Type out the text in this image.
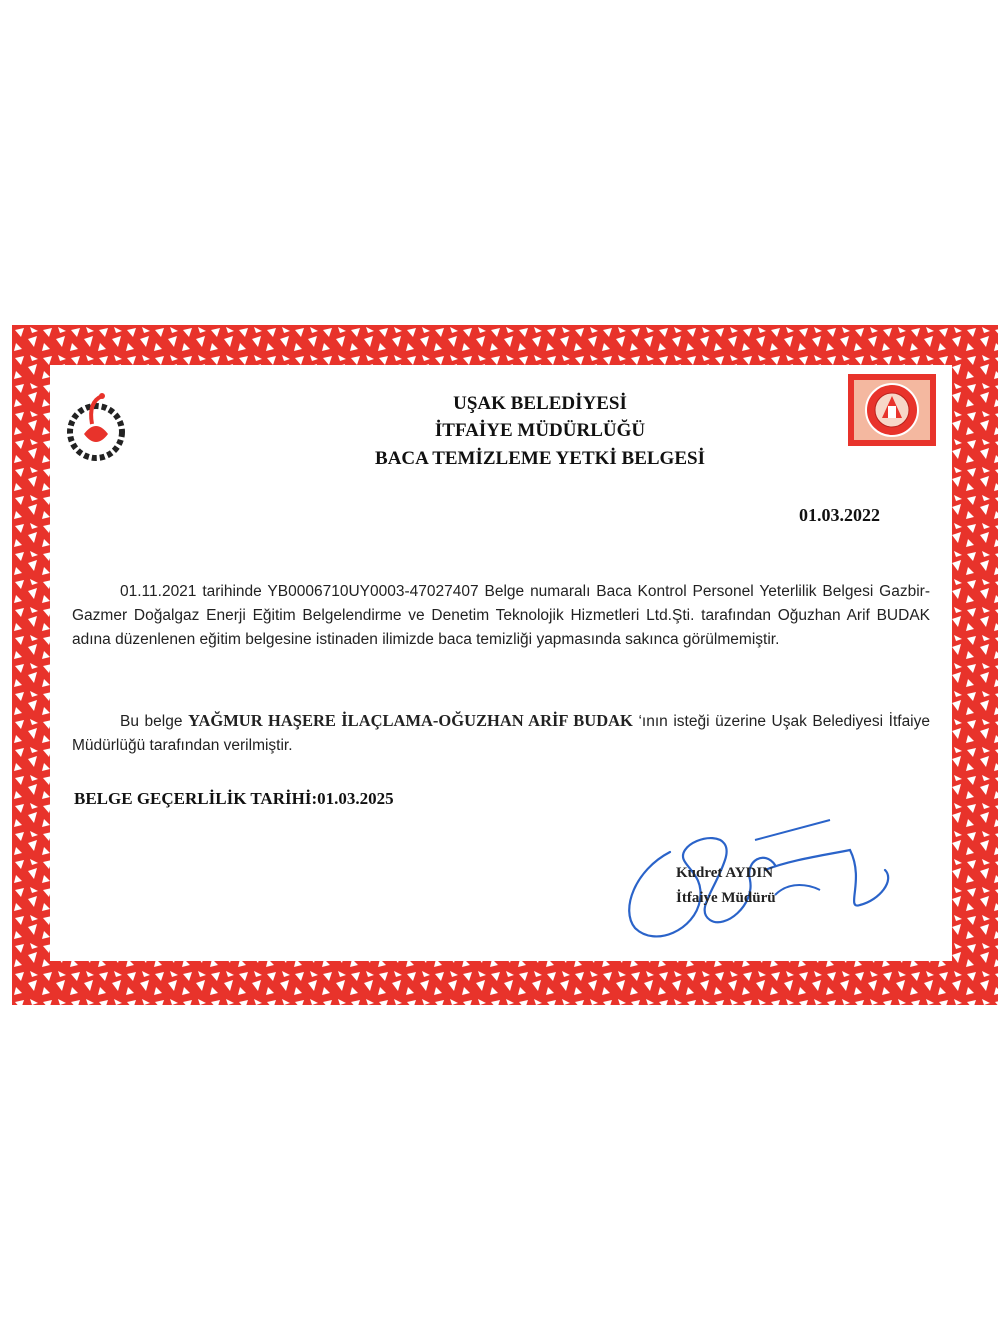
UŞAK BELEDİYESİ
İTFAİYE MÜDÜRLÜĞÜ
BACA TEMİZLEME YETKİ BELGESİ
01.03.2022
01.11.2021 tarihinde YB0006710UY0003-47027407 Belge numaralı Baca Kontrol Personel Yeterlilik Belgesi Gazbir-Gazmer Doğalgaz Enerji Eğitim Belgelendirme ve Denetim Teknolojik Hizmetleri Ltd.Şti. tarafından Oğuzhan Arif BUDAK adına düzenlenen eğitim belgesine istinaden ilimizde baca temizliği yapmasında sakınca görülmemiştir.
Bu belge YAĞMUR HAŞERE İLAÇLAMA-OĞUZHAN ARİF BUDAK ‘ının isteği üzerine Uşak Belediyesi İtfaiye Müdürlüğü tarafından verilmiştir.
BELGE GEÇERLİLİK TARİHİ:01.03.2025
Kudret AYDIN
İtfaiye Müdürü
